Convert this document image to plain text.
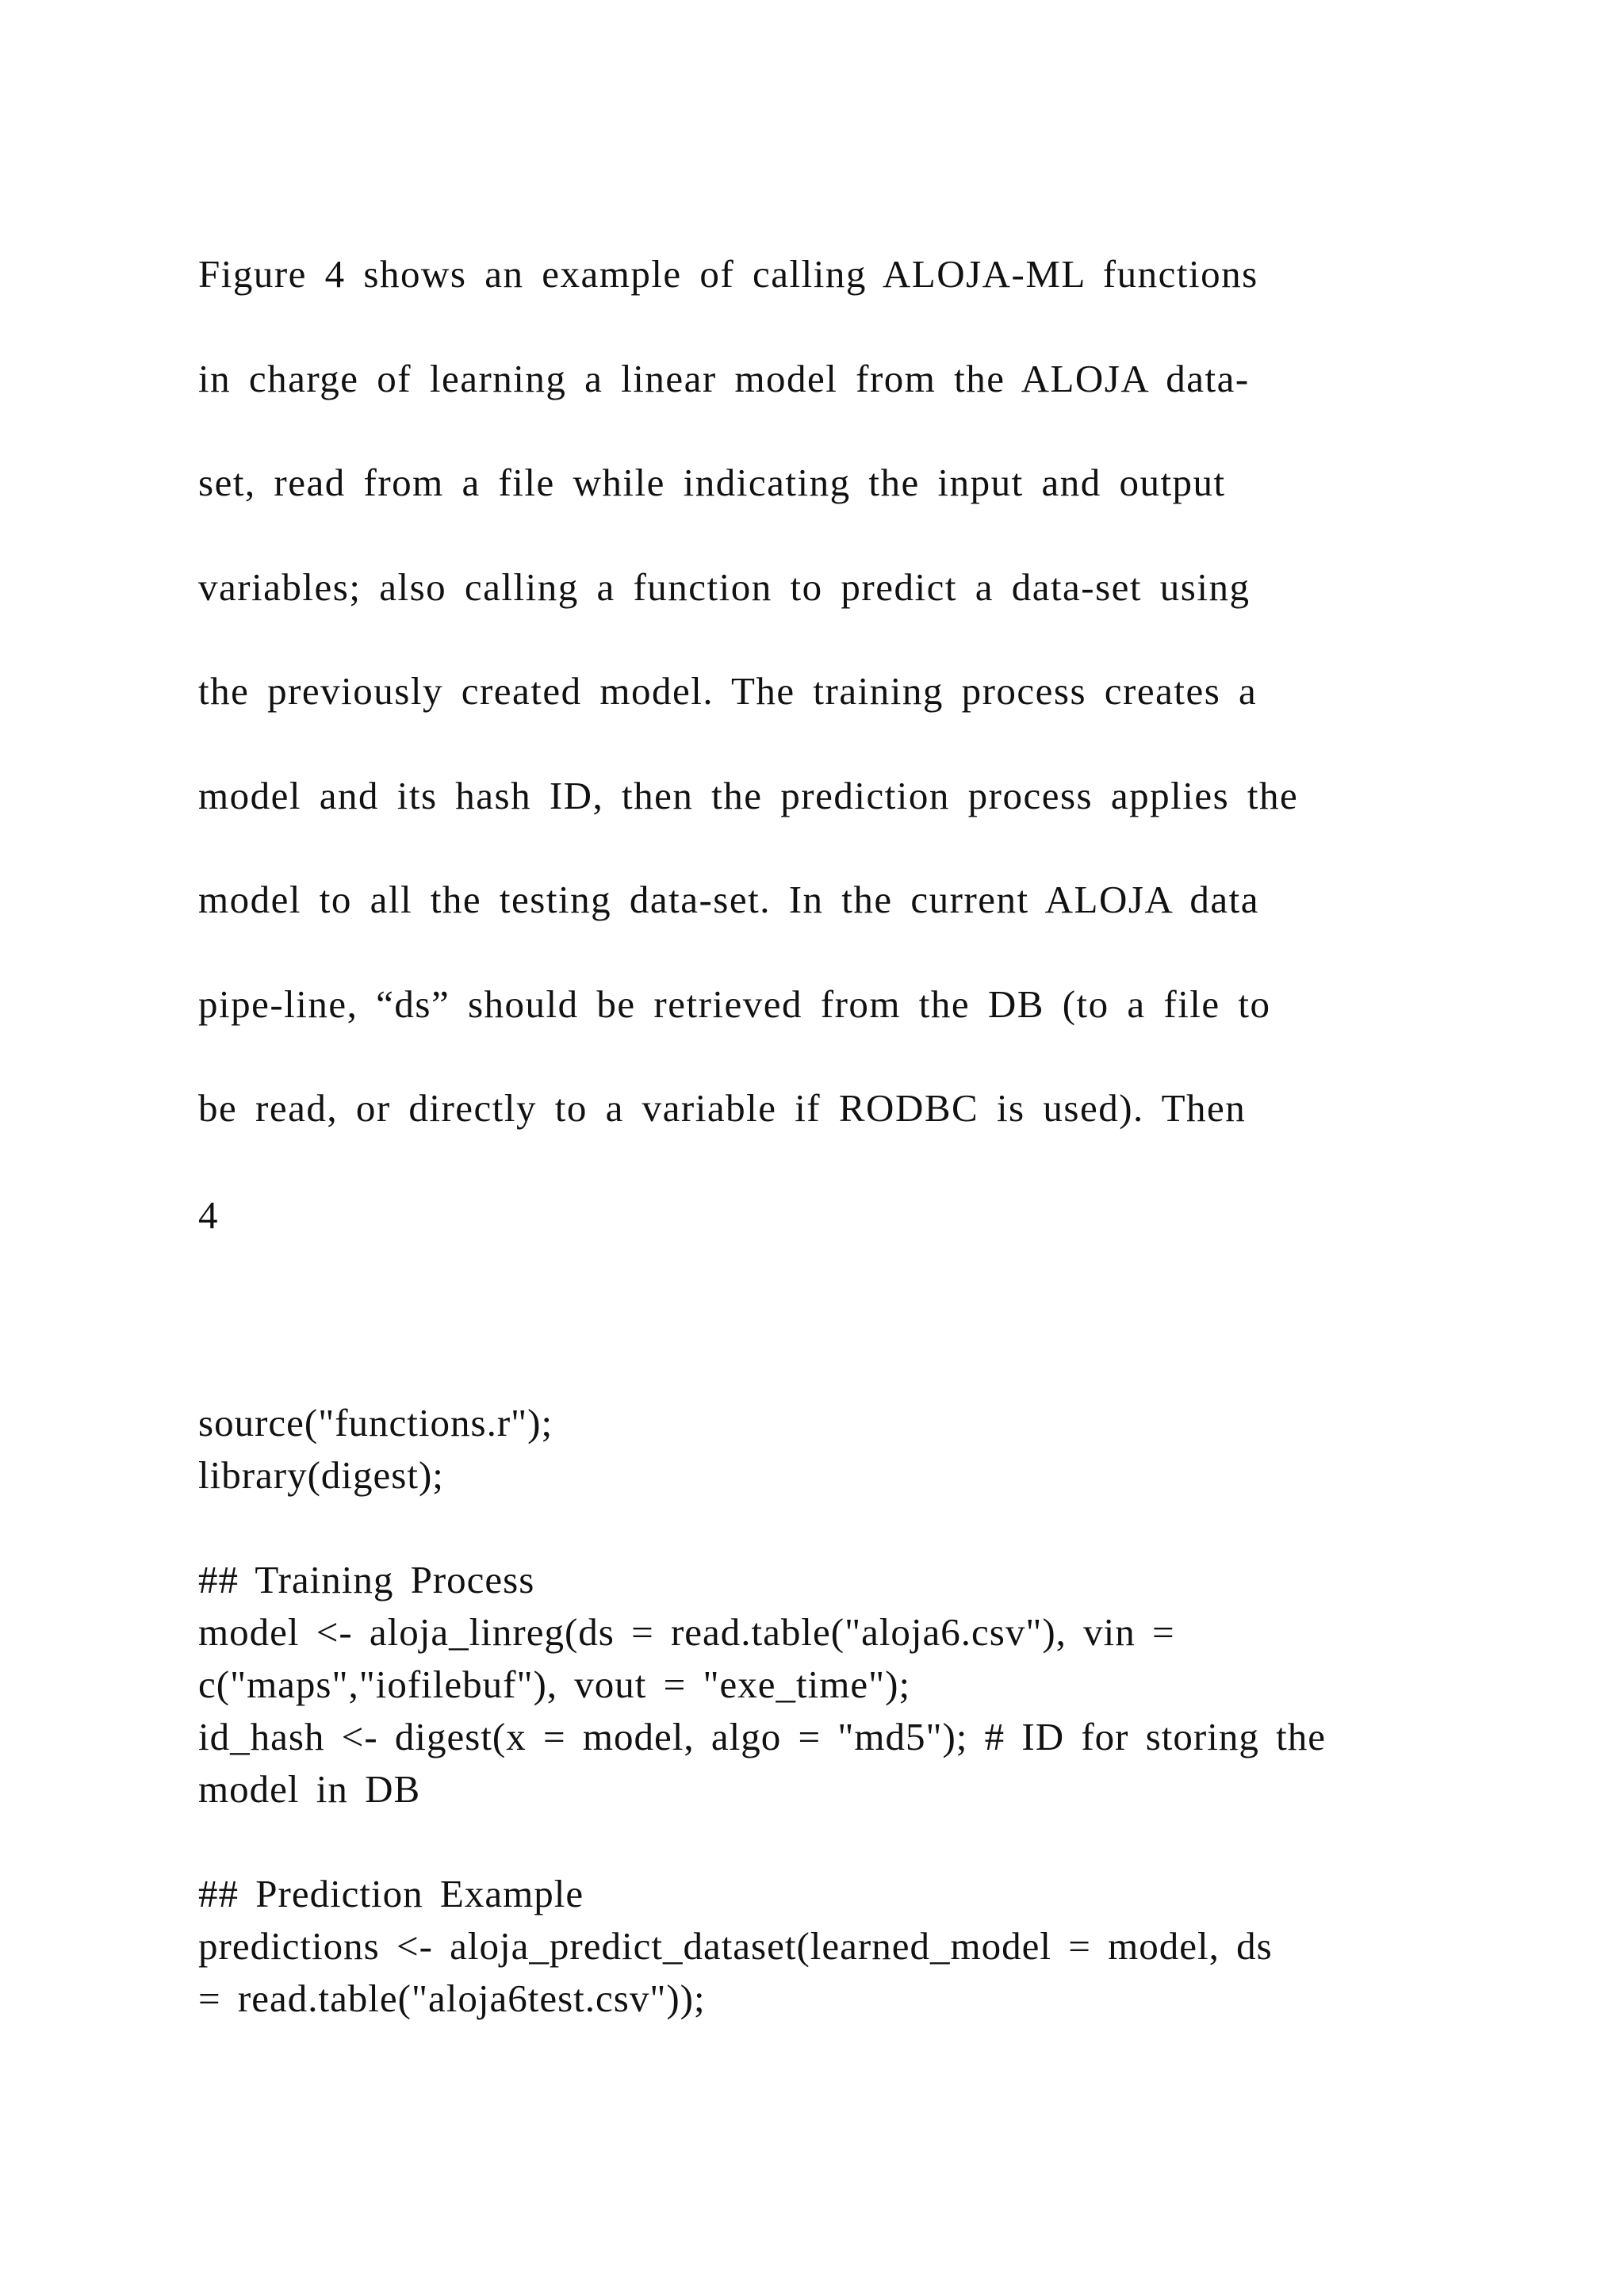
Figure 4 shows an example of calling ALOJA-ML functions
in charge of learning a linear model from the ALOJA data-
set, read from a file while indicating the input and output
variables; also calling a function to predict a data-set using
the previously created model. The training process creates a
model and its hash ID, then the prediction process applies the
model to all the testing data-set. In the current ALOJA data
pipe-line, “ds” should be retrieved from the DB (to a file to
be read, or directly to a variable if RODBC is used). Then
4
source("functions.r");
library(digest);
## Training Process
model <- aloja_linreg(ds = read.table("aloja6.csv"), vin =
c("maps","iofilebuf"), vout = "exe_time");
id_hash <- digest(x = model, algo = "md5"); # ID for storing the
model in DB
## Prediction Example
predictions <- aloja_predict_dataset(learned_model = model, ds
= read.table("aloja6test.csv"));
